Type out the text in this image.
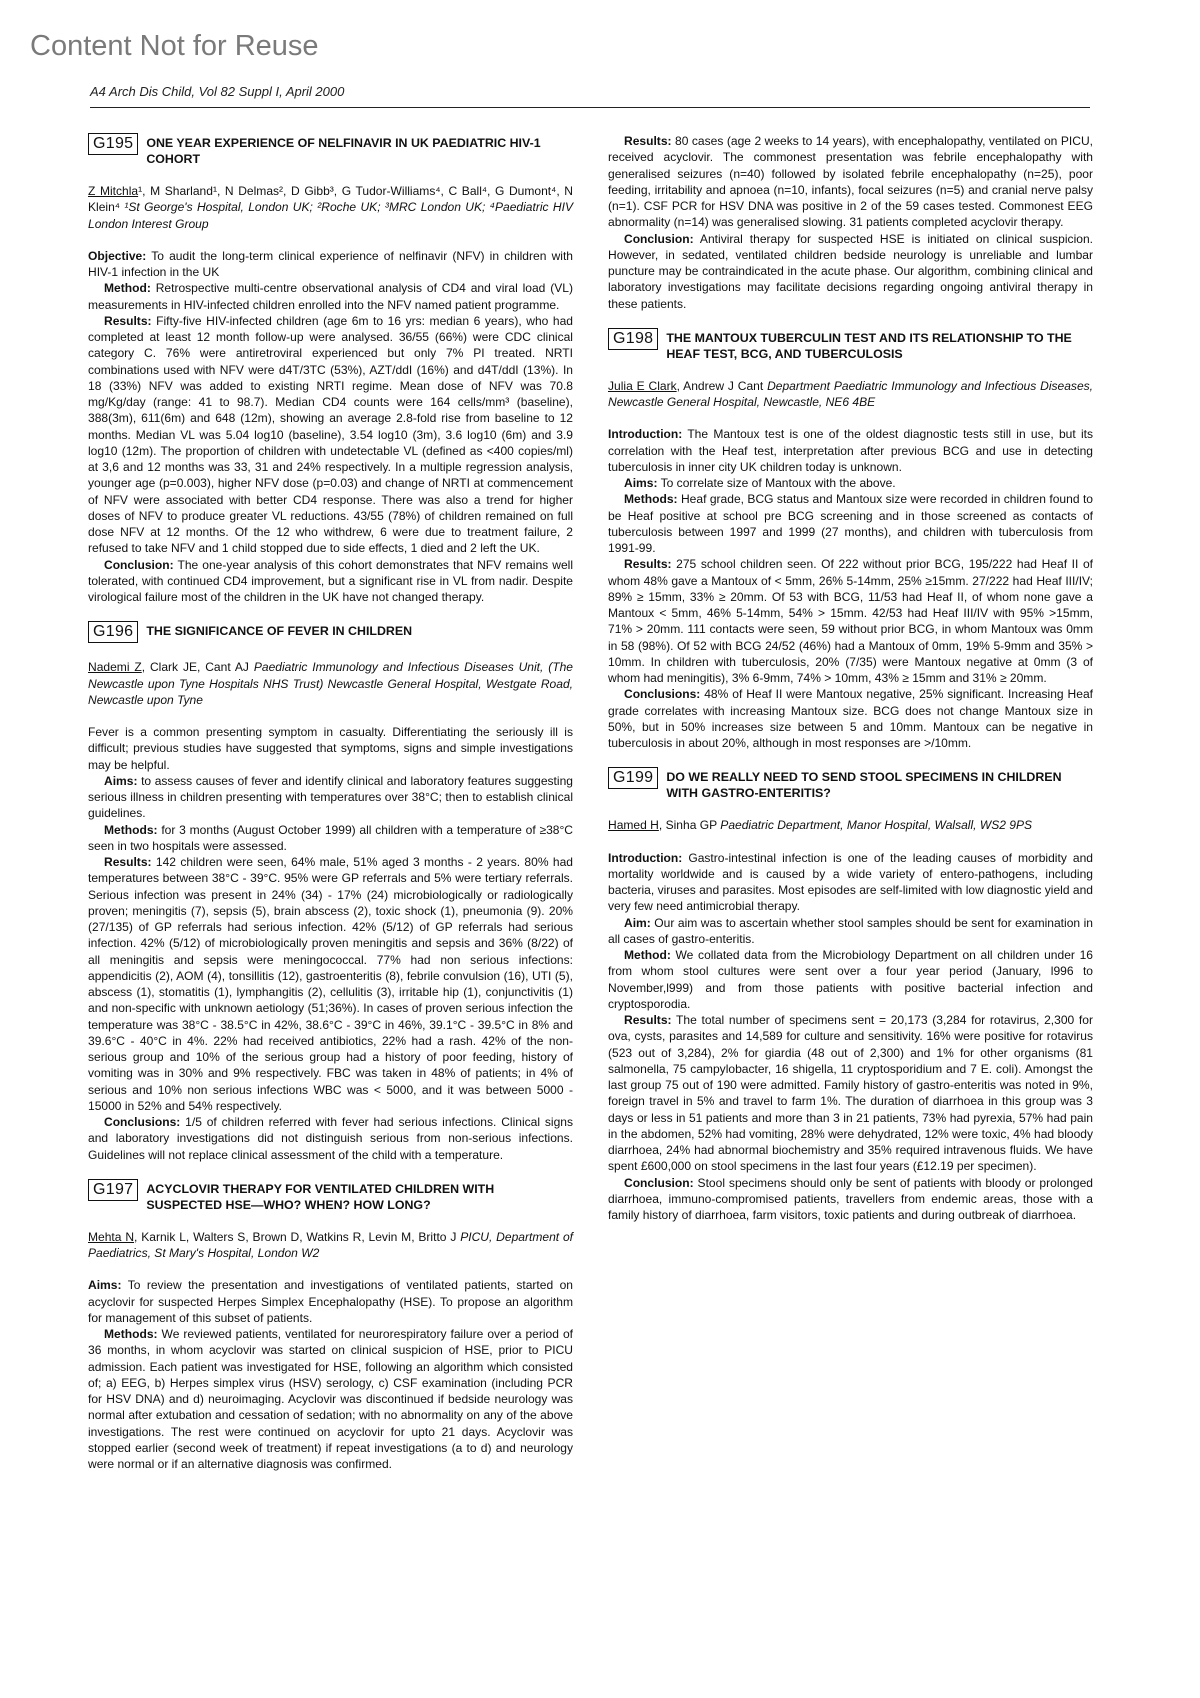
Content Not for Reuse
A4 Arch Dis Child, Vol 82 Suppl I, April 2000
G195	ONE YEAR EXPERIENCE OF NELFINAVIR IN UK PAEDIATRIC HIV-1 COHORT

Z Mitchla¹, M Sharland¹, N Delmas², D Gibb³, G Tudor-Williams⁴, C Ball⁴, G Dumont⁴, N Klein⁴ ¹St George's Hospital, London UK; ²Roche UK; ³MRC London UK; ⁴Paediatric HIV London Interest Group

Objective: To audit the long-term clinical experience of nelfinavir (NFV) in children with HIV-1 infection in the UK

Method: Retrospective multi-centre observational analysis of CD4 and viral load (VL) measurements in HIV-infected children enrolled into the NFV named patient programme.

Results: Fifty-five HIV-infected children (age 6m to 16 yrs: median 6 years), who had completed at least 12 month follow-up were analysed. 36/55 (66%) were CDC clinical category C. 76% were antiretroviral experienced but only 7% PI treated. NRTI combinations used with NFV were d4T/3TC (53%), AZT/ddI (16%) and d4T/ddI (13%). In 18 (33%) NFV was added to existing NRTI regime. Mean dose of NFV was 70.8 mg/Kg/day (range: 41 to 98.7). Median CD4 counts were 164 cells/mm³ (baseline), 388(3m), 611(6m) and 648 (12m), showing an average 2.8-fold rise from baseline to 12 months. Median VL was 5.04 log10 (baseline), 3.54 log10 (3m), 3.6 log10 (6m) and 3.9 log10 (12m). The proportion of children with undetectable VL (defined as <400 copies/ml) at 3,6 and 12 months was 33, 31 and 24% respectively. In a multiple regression analysis, younger age (p=0.003), higher NFV dose (p=0.03) and change of NRTI at commencement of NFV were associated with better CD4 response. There was also a trend for higher doses of NFV to produce greater VL reductions. 43/55 (78%) of children remained on full dose NFV at 12 months. Of the 12 who withdrew, 6 were due to treatment failure, 2 refused to take NFV and 1 child stopped due to side effects, 1 died and 2 left the UK.

Conclusion: The one-year analysis of this cohort demonstrates that NFV remains well tolerated, with continued CD4 improvement, but a significant rise in VL from nadir. Despite virological failure most of the children in the UK have not changed therapy.

G196	THE SIGNIFICANCE OF FEVER IN CHILDREN

Nademi Z, Clark JE, Cant AJ Paediatric Immunology and Infectious Diseases Unit, (The Newcastle upon Tyne Hospitals NHS Trust) Newcastle General Hospital, Westgate Road, Newcastle upon Tyne

Fever is a common presenting symptom in casualty. Differentiating the seriously ill is difficult; previous studies have suggested that symptoms, signs and simple investigations may be helpful.

Aims: to assess causes of fever and identify clinical and laboratory features suggesting serious illness in children presenting with temperatures over 38°C; then to establish clinical guidelines.

Methods: for 3 months (August October 1999) all children with a temperature of ≥38°C seen in two hospitals were assessed.

Results: 142 children were seen, 64% male, 51% aged 3 months - 2 years. 80% had temperatures between 38°C - 39°C. 95% were GP referrals and 5% were tertiary referrals. Serious infection was present in 24% (34) - 17% (24) microbiologically or radiologically proven; meningitis (7), sepsis (5), brain abscess (2), toxic shock (1), pneumonia (9). 20% (27/135) of GP referrals had serious infection. 42% (5/12) of GP referrals had serious infection. 42% (5/12) of microbiologically proven meningitis and sepsis and 36% (8/22) of all meningitis and sepsis were meningococcal. 77% had non serious infections: appendicitis (2), AOM (4), tonsillitis (12), gastroenteritis (8), febrile convulsion (16), UTI (5), abscess (1), stomatitis (1), lymphangitis (2), cellulitis (3), irritable hip (1), conjunctivitis (1) and non-specific with unknown aetiology (51;36%). In cases of proven serious infection the temperature was 38°C - 38.5°C in 42%, 38.6°C - 39°C in 46%, 39.1°C - 39.5°C in 8% and 39.6°C - 40°C in 4%. 22% had received antibiotics, 22% had a rash. 42% of the non-serious group and 10% of the serious group had a history of poor feeding, history of vomiting was in 30% and 9% respectively. FBC was taken in 48% of patients; in 4% of serious and 10% non serious infections WBC was < 5000, and it was between 5000 - 15000 in 52% and 54% respectively.

Conclusions: 1/5 of children referred with fever had serious infections. Clinical signs and laboratory investigations did not distinguish serious from non-serious infections. Guidelines will not replace clinical assessment of the child with a temperature.

G197	ACYCLOVIR THERAPY FOR VENTILATED CHILDREN WITH SUSPECTED HSE—WHO? WHEN? HOW LONG?

Mehta N, Karnik L, Walters S, Brown D, Watkins R, Levin M, Britto J PICU, Department of Paediatrics, St Mary's Hospital, London W2

Aims: To review the presentation and investigations of ventilated patients, started on acyclovir for suspected Herpes Simplex Encephalopathy (HSE). To propose an algorithm for management of this subset of patients.

Methods: We reviewed patients, ventilated for neurorespiratory failure over a period of 36 months, in whom acyclovir was started on clinical suspicion of HSE, prior to PICU admission. Each patient was investigated for HSE, following an algorithm which consisted of; a) EEG, b) Herpes simplex virus (HSV) serology, c) CSF examination (including PCR for HSV DNA) and d) neuroimaging. Acyclovir was discontinued if bedside neurology was normal after extubation and cessation of sedation; with no abnormality on any of the above investigations. The rest were continued on acyclovir for upto 21 days. Acyclovir was stopped earlier (second week of treatment) if repeat investigations (a to d) and neurology were normal or if an alternative diagnosis was confirmed.

Results: 80 cases (age 2 weeks to 14 years), with encephalopathy, ventilated on PICU, received acyclovir. The commonest presentation was febrile encephalopathy with generalised seizures (n=40) followed by isolated febrile encephalopathy (n=25), poor feeding, irritability and apnoea (n=10, infants), focal seizures (n=5) and cranial nerve palsy (n=1). CSF PCR for HSV DNA was positive in 2 of the 59 cases tested. Commonest EEG abnormality (n=14) was generalised slowing. 31 patients completed acyclovir therapy.

Conclusion: Antiviral therapy for suspected HSE is initiated on clinical suspicion. However, in sedated, ventilated children bedside neurology is unreliable and lumbar puncture may be contraindicated in the acute phase. Our algorithm, combining clinical and laboratory investigations may facilitate decisions regarding ongoing antiviral therapy in these patients.

G198	THE MANTOUX TUBERCULIN TEST AND ITS RELATIONSHIP TO THE HEAF TEST, BCG, AND TUBERCULOSIS

Julia E Clark, Andrew J Cant Department Paediatric Immunology and Infectious Diseases, Newcastle General Hospital, Newcastle, NE6 4BE

Introduction: The Mantoux test is one of the oldest diagnostic tests still in use, but its correlation with the Heaf test, interpretation after previous BCG and use in detecting tuberculosis in inner city UK children today is unknown.

Aims: To correlate size of Mantoux with the above.

Methods: Heaf grade, BCG status and Mantoux size were recorded in children found to be Heaf positive at school pre BCG screening and in those screened as contacts of tuberculosis between 1997 and 1999 (27 months), and children with tuberculosis from 1991-99.

Results: 275 school children seen. Of 222 without prior BCG, 195/222 had Heaf II of whom 48% gave a Mantoux of < 5mm, 26% 5-14mm, 25% ≥15mm. 27/222 had Heaf III/IV; 89% ≥ 15mm, 33% ≥ 20mm. Of 53 with BCG, 11/53 had Heaf II, of whom none gave a Mantoux < 5mm, 46% 5-14mm, 54% > 15mm. 42/53 had Heaf III/IV with 95% >15mm, 71% > 20mm. 111 contacts were seen, 59 without prior BCG, in whom Mantoux was 0mm in 58 (98%). Of 52 with BCG 24/52 (46%) had a Mantoux of 0mm, 19% 5-9mm and 35% > 10mm. In children with tuberculosis, 20% (7/35) were Mantoux negative at 0mm (3 of whom had meningitis), 3% 6-9mm, 74% > 10mm, 43% ≥ 15mm and 31% ≥ 20mm.

Conclusions: 48% of Heaf II were Mantoux negative, 25% significant. Increasing Heaf grade correlates with increasing Mantoux size. BCG does not change Mantoux size in 50%, but in 50% increases size between 5 and 10mm. Mantoux can be negative in tuberculosis in about 20%, although in most responses are >/10mm.

G199	DO WE REALLY NEED TO SEND STOOL SPECIMENS IN CHILDREN WITH GASTRO-ENTERITIS?

Hamed H, Sinha GP Paediatric Department, Manor Hospital, Walsall, WS2 9PS

Introduction: Gastro-intestinal infection is one of the leading causes of morbidity and mortality worldwide and is caused by a wide variety of entero-pathogens, including bacteria, viruses and parasites. Most episodes are self-limited with low diagnostic yield and very few need antimicrobial therapy.

Aim: Our aim was to ascertain whether stool samples should be sent for examination in all cases of gastro-enteritis.

Method: We collated data from the Microbiology Department on all children under 16 from whom stool cultures were sent over a four year period (January, l996 to November,l999) and from those patients with positive bacterial infection and cryptosporodia.

Results: The total number of specimens sent = 20,173 (3,284 for rotavirus, 2,300 for ova, cysts, parasites and 14,589 for culture and sensitivity. 16% were positive for rotavirus (523 out of 3,284), 2% for giardia (48 out of 2,300) and 1% for other organisms (81 salmonella, 75 campylobacter, 16 shigella, 11 cryptosporidium and 7 E. coli). Amongst the last group 75 out of 190 were admitted. Family history of gastro-enteritis was noted in 9%, foreign travel in 5% and travel to farm 1%. The duration of diarrhoea in this group was 3 days or less in 51 patients and more than 3 in 21 patients, 73% had pyrexia, 57% had pain in the abdomen, 52% had vomiting, 28% were dehydrated, 12% were toxic, 4% had bloody diarrhoea, 24% had abnormal biochemistry and 35% required intravenous fluids. We have spent £600,000 on stool specimens in the last four years (£12.19 per specimen).

Conclusion: Stool specimens should only be sent of patients with bloody or prolonged diarrhoea, immuno-compromised patients, travellers from endemic areas, those with a family history of diarrhoea, farm visitors, toxic patients and during outbreak of diarrhoea.
